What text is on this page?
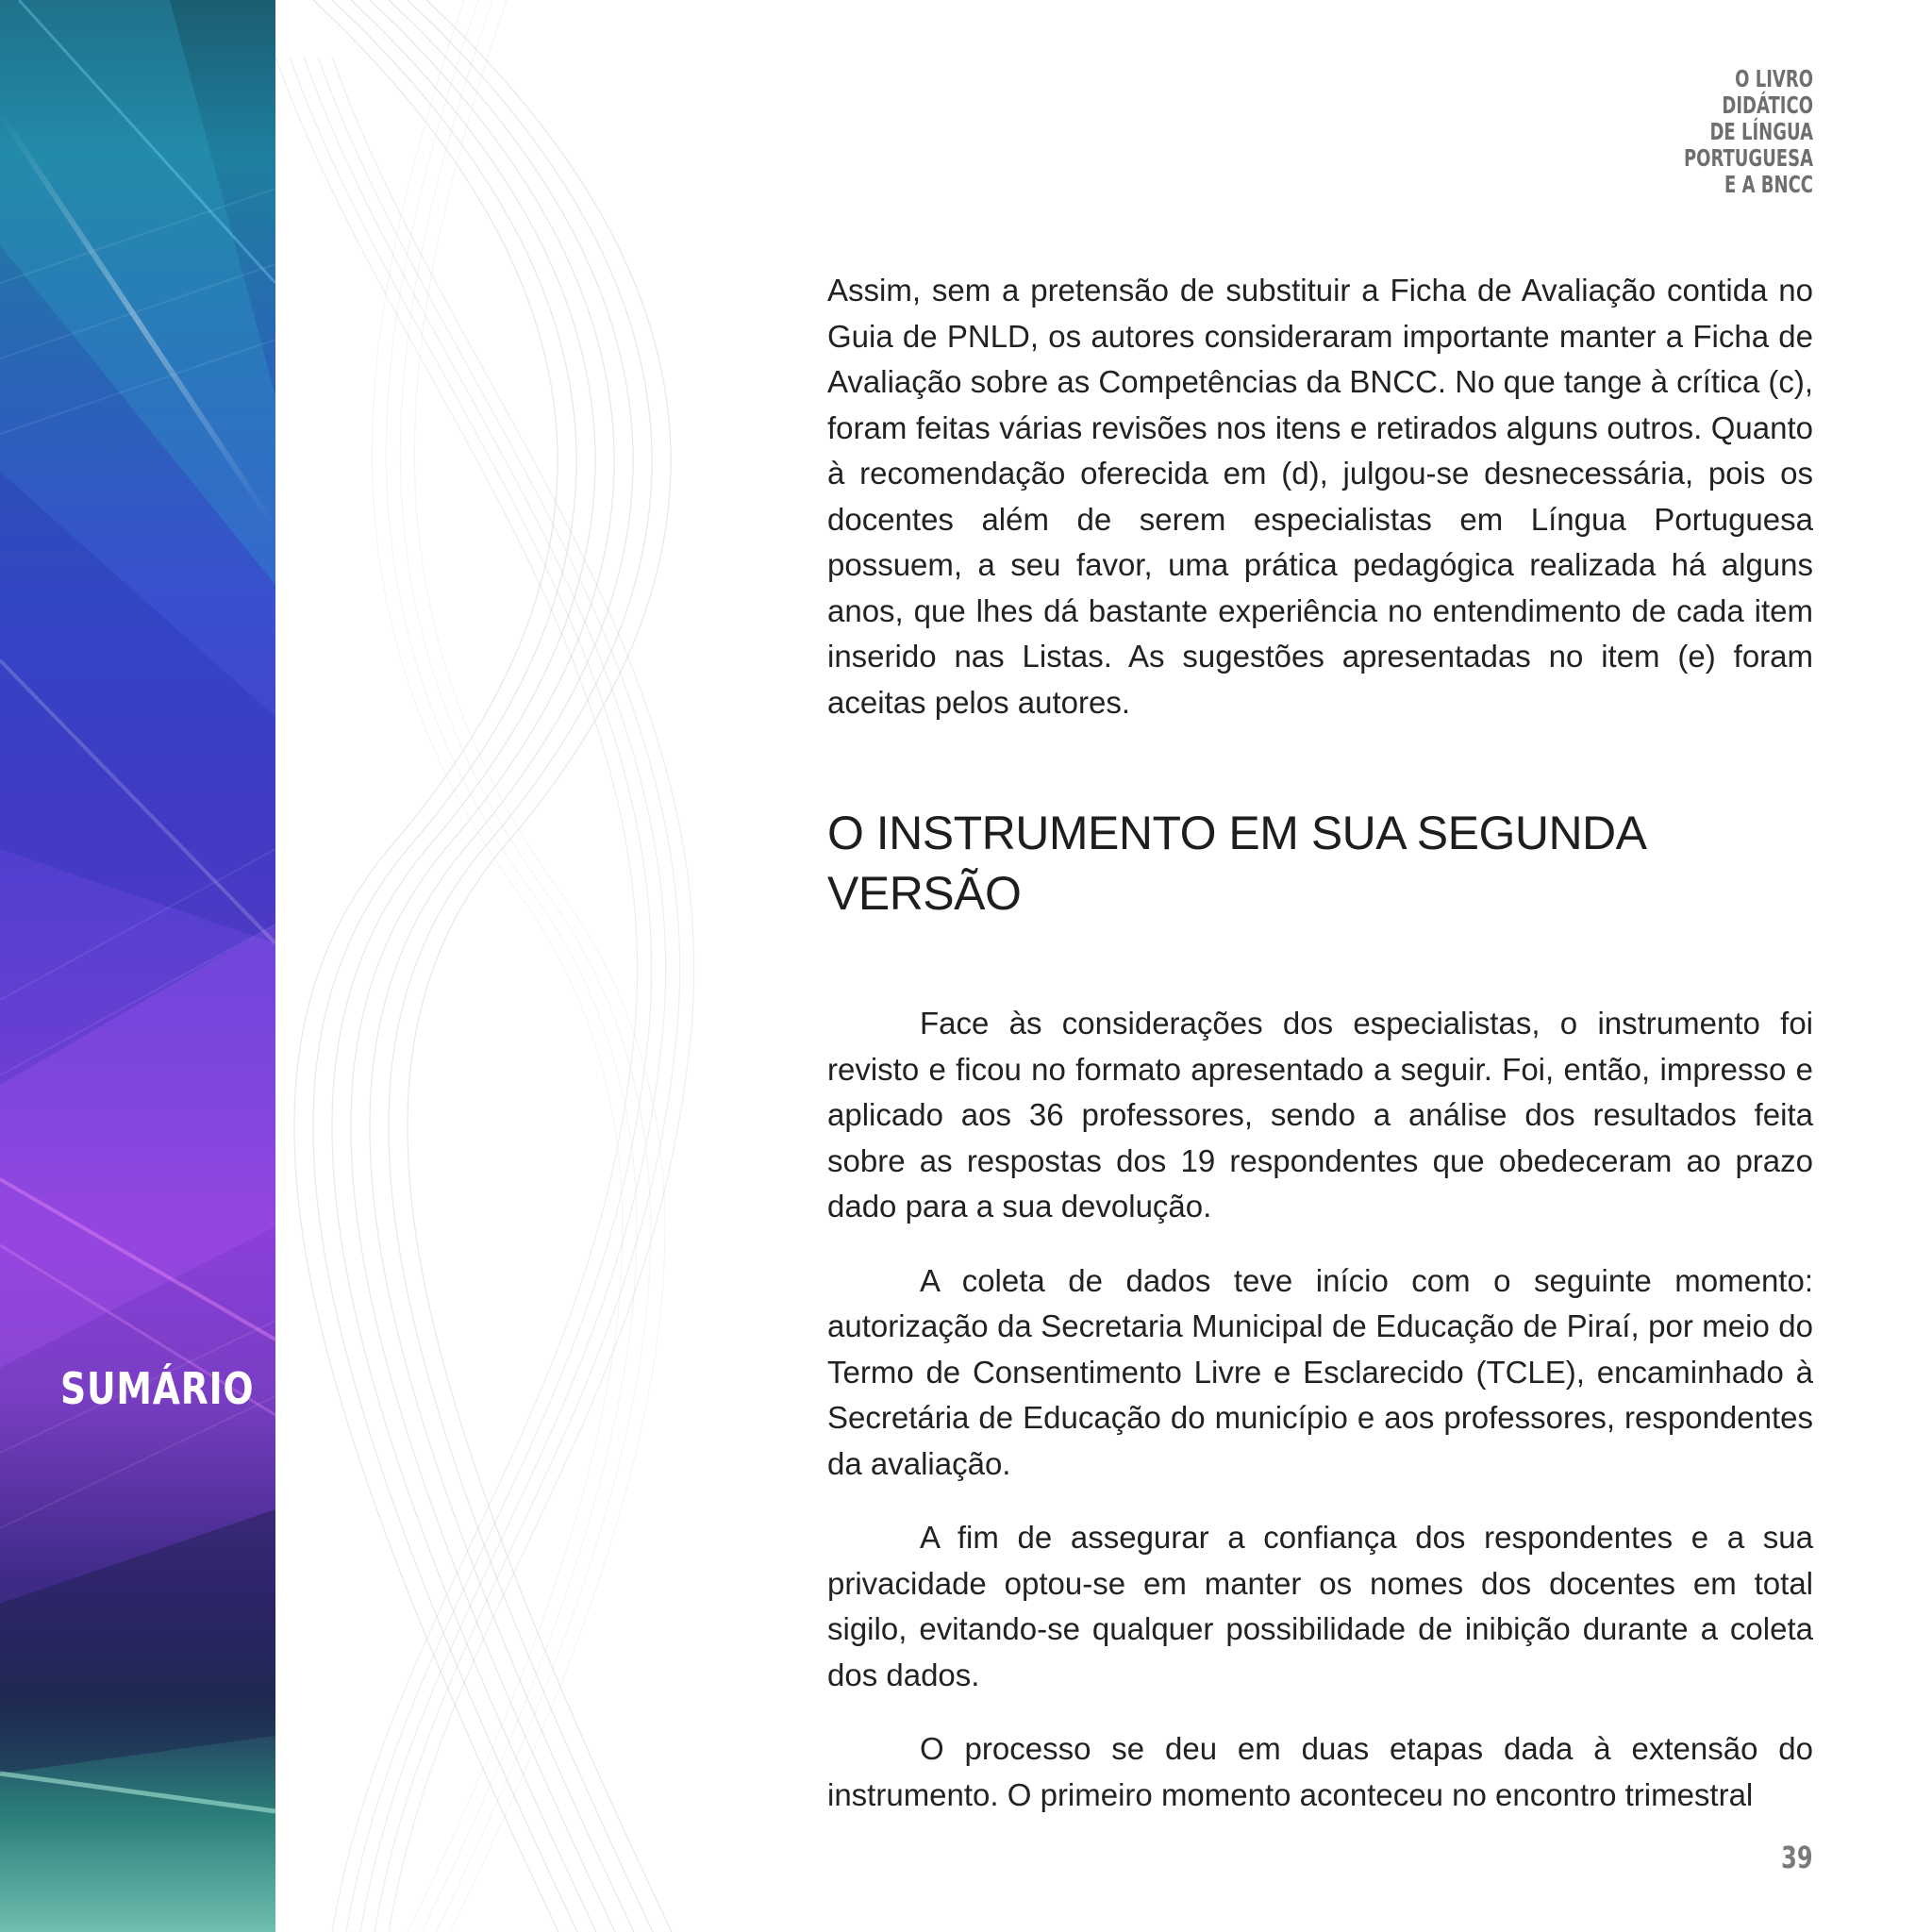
SUMÁRIO
O LIVRO
DIDÁTICO
DE LÍNGUA
PORTUGUESA
E A BNCC

Assim, sem a pretensão de substituir a Ficha de Avaliação contida no Guia de PNLD, os autores consideraram importante manter a Ficha de Avaliação sobre as Competências da BNCC. No que tange à crítica (c), foram feitas várias revisões nos itens e retirados alguns outros. Quanto à recomendação oferecida em (d), julgou-se desnecessária, pois os docentes além de serem especialistas em Língua Portuguesa possuem, a seu favor, uma prática pedagógica realizada há alguns anos, que lhes dá bastante experiência no entendimento de cada item inserido nas Listas. As sugestões apresentadas no item (e) foram aceitas pelos autores.

O INSTRUMENTO EM SUA SEGUNDA VERSÃO

Face às considerações dos especialistas, o instrumento foi revisto e ficou no formato apresentado a seguir. Foi, então, impresso e aplicado aos 36 professores, sendo a análise dos resultados feita sobre as respostas dos 19 respondentes que obedeceram ao prazo dado para a sua devolução.

A coleta de dados teve início com o seguinte momento: autorização da Secretaria Municipal de Educação de Piraí, por meio do Termo de Consentimento Livre e Esclarecido (TCLE), encaminhado à Secretária de Educação do município e aos professores, respondentes da avaliação.

A fim de assegurar a confiança dos respondentes e a sua privacidade optou-se em manter os nomes dos docentes em total sigilo, evitando-se qualquer possibilidade de inibição durante a coleta dos dados.

O processo se deu em duas etapas dada à extensão do instrumento. O primeiro momento aconteceu no encontro trimestral

39
